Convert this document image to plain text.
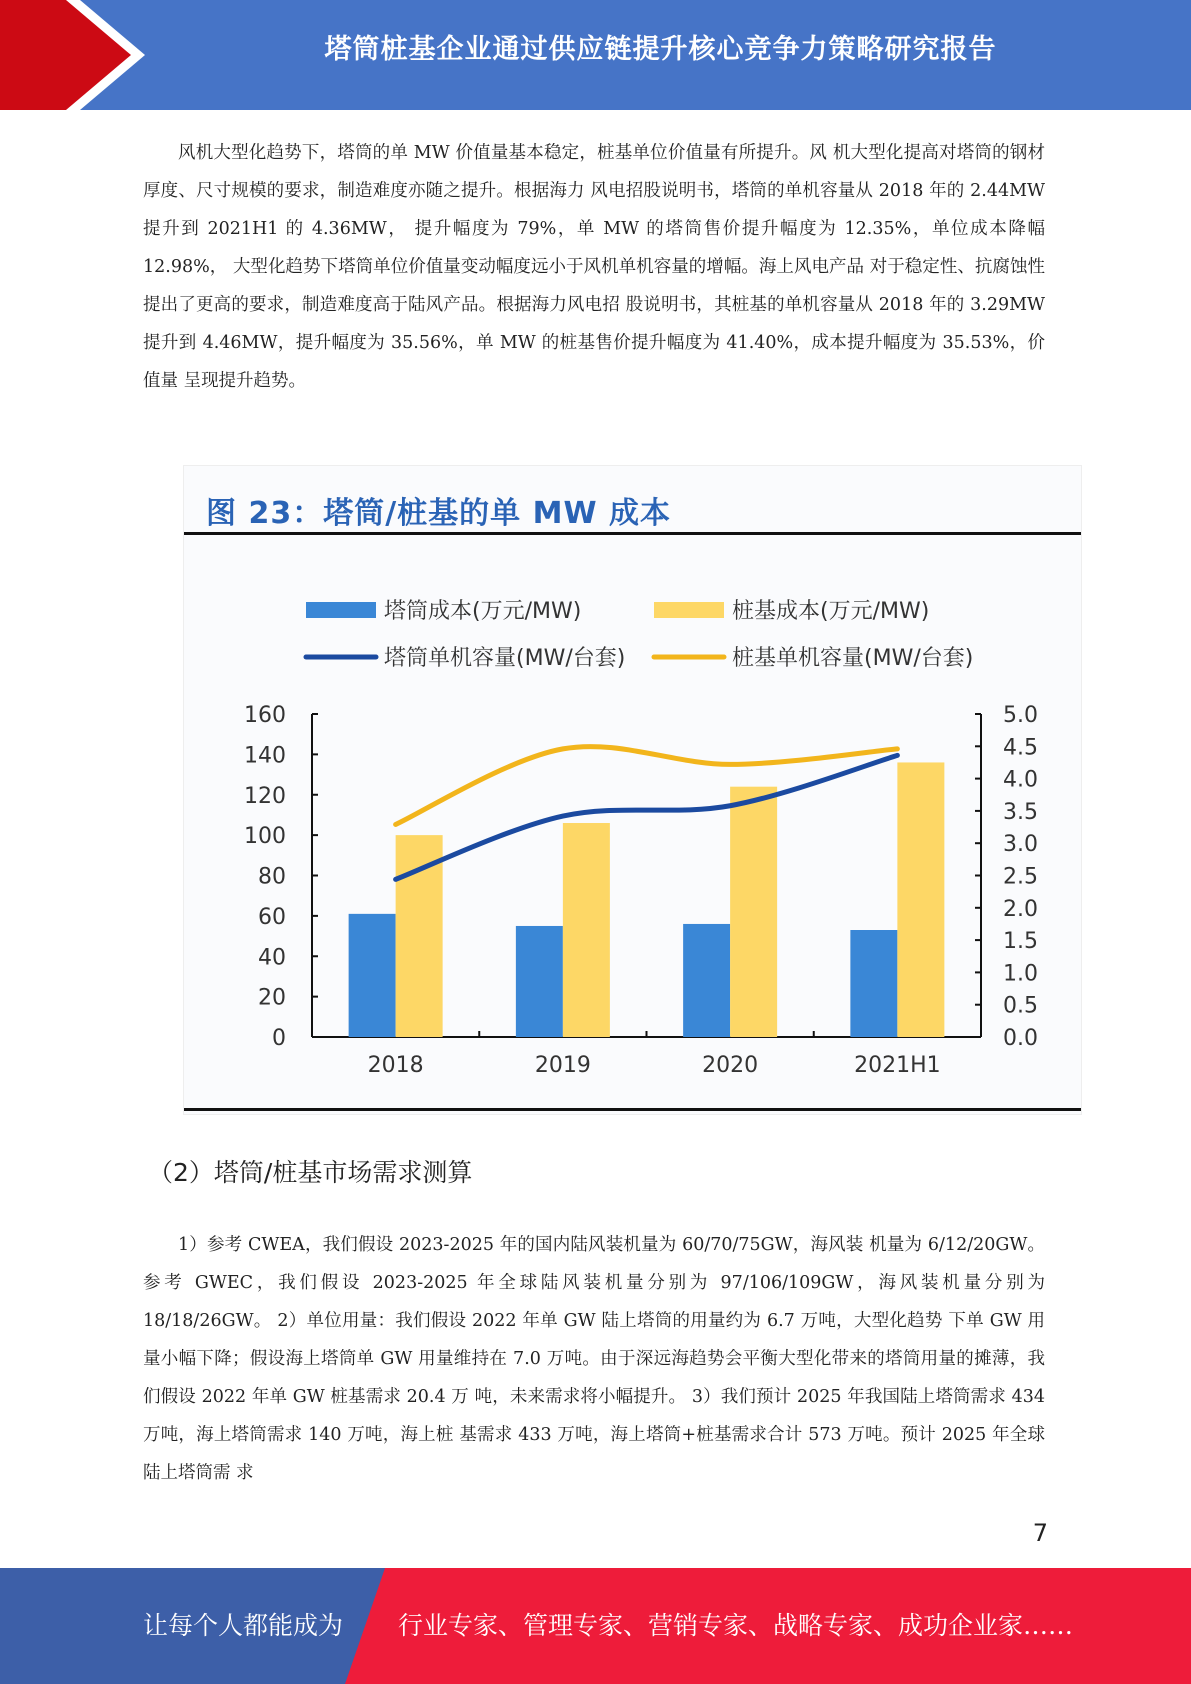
塔筒桩基企业通过供应链提升核心竞争力策略研究报告

风机大型化趋势下，塔筒的单 MW 价值量基本稳定，桩基单位价值量有所提升。风 机大型化提高对塔筒的钢材厚度、尺寸规模的要求，制造难度亦随之提升。根据海力 风电招股说明书，塔筒的单机容量从 2018 年的 2.44MW 提升到 2021H1 的 4.36MW， 提升幅度为 79%，单 MW 的塔筒售价提升幅度为 12.35%，单位成本降幅 12.98%， 大型化趋势下塔筒单位价值量变动幅度远小于风机单机容量的增幅。海上风电产品 对于稳定性、抗腐蚀性提出了更高的要求，制造难度高于陆风产品。根据海力风电招 股说明书，其桩基的单机容量从 2018 年的 3.29MW 提升到 4.46MW，提升幅度为 35.56%，单 MW 的桩基售价提升幅度为 41.40%，成本提升幅度为 35.53%，价值量 呈现提升趋势。

图 23：塔筒/桩基的单 MW 成本
塔筒成本(万元/MW)	桩基成本(万元/MW)
塔筒单机容量(MW/台套)	桩基单机容量(MW/台套)
0
20
40
60
80
100
120
140
160
0.0
0.5
1.0
1.5
2.0
2.5
3.0
3.5
4.0
4.5
5.0
2018	2019	2020	2021H1
（2）塔筒/桩基市场需求测算

1）参考 CWEA，我们假设 2023-2025 年的国内陆风装机量为 60/70/75GW，海风装 机量为 6/12/20GW。参考 GWEC，我们假设 2023-2025 年全球陆风装机量分别为 97/106/109GW，海风装机量分别为 18/18/26GW。 2）单位用量：我们假设 2022 年单 GW 陆上塔筒的用量约为 6.7 万吨，大型化趋势 下单 GW 用量小幅下降；假设海上塔筒单 GW 用量维持在 7.0 万吨。由于深远海趋势会平衡大型化带来的塔筒用量的摊薄，我们假设 2022 年单 GW 桩基需求 20.4 万 吨，未来需求将小幅提升。 3）我们预计 2025 年我国陆上塔筒需求 434 万吨，海上塔筒需求 140 万吨，海上桩 基需求 433 万吨，海上塔筒+桩基需求合计 573 万吨。预计 2025 年全球陆上塔筒需 求

7
让每个人都能成为 行业专家、管理专家、营销专家、战略专家、成功企业家……
